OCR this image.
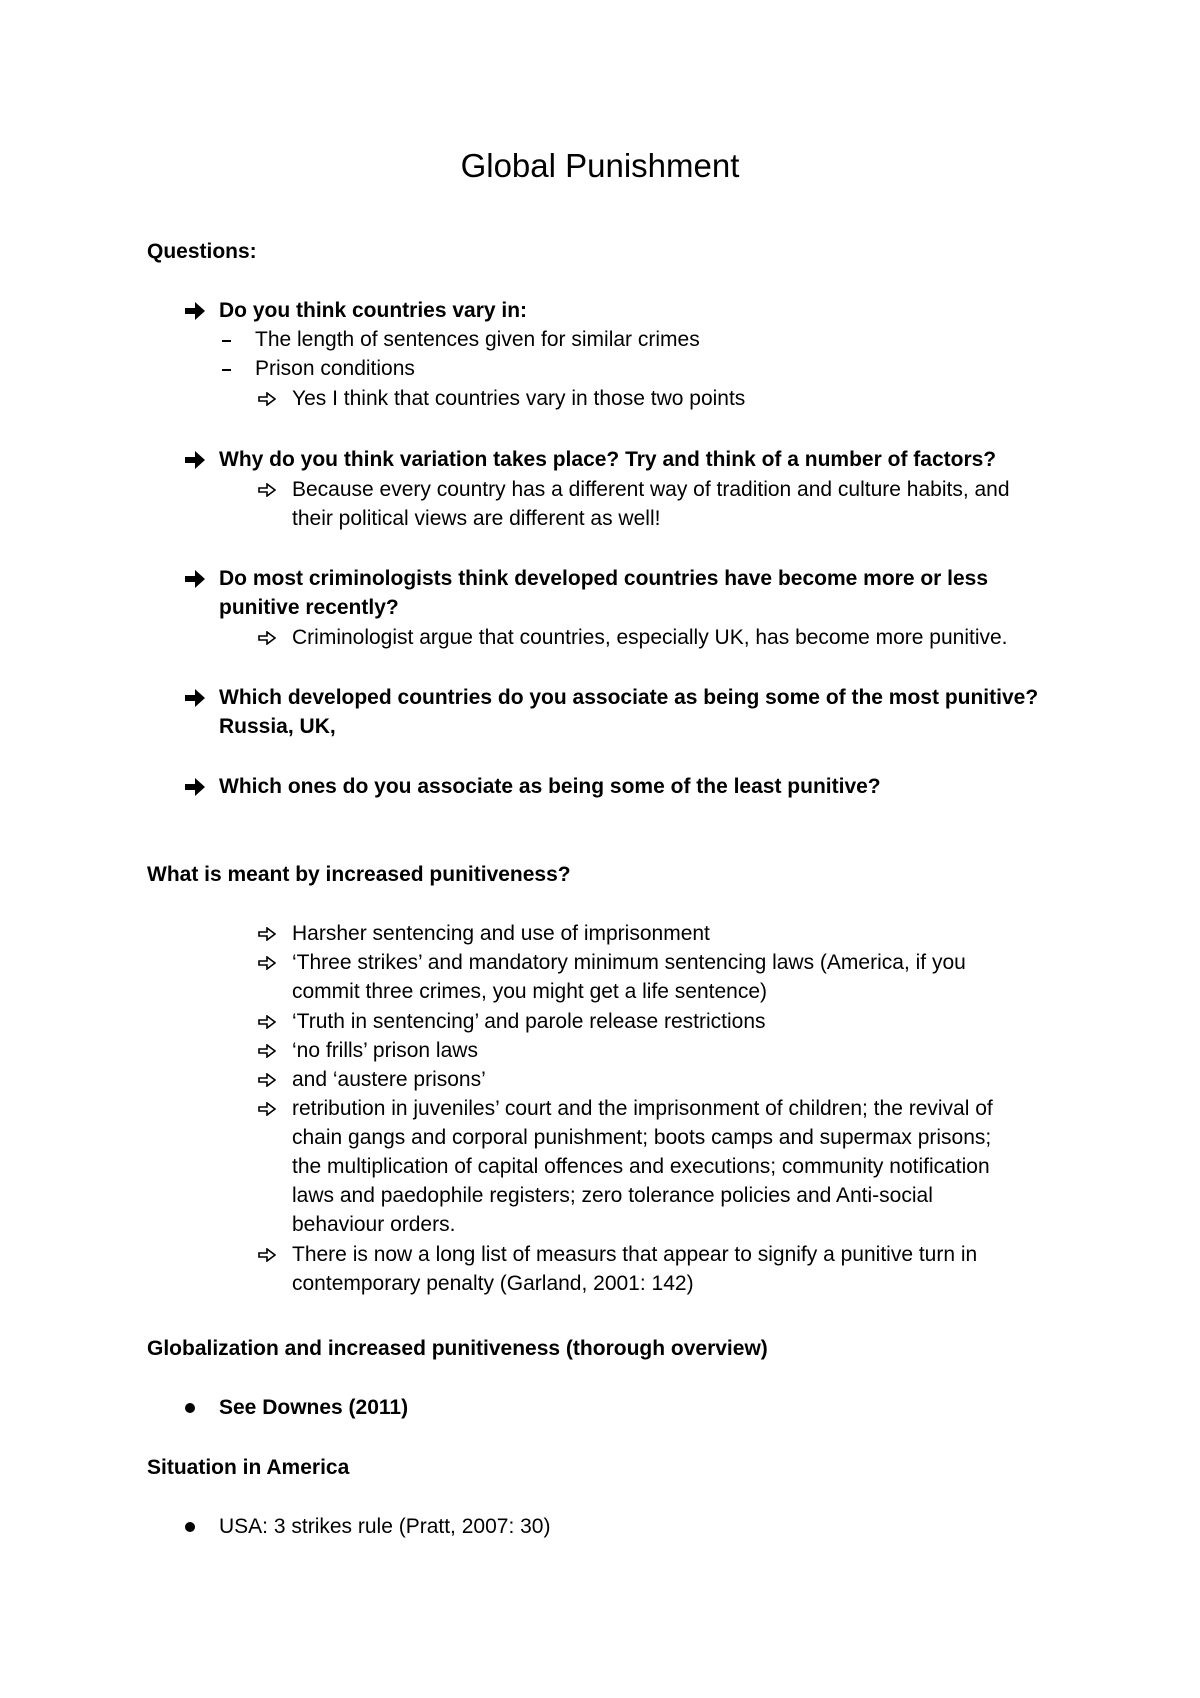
Global Punishment

Questions:

Do you think countries vary in:

The length of sentences given for similar crimes

Prison conditions

Yes I think that countries vary in those two points

Why do you think variation takes place? Try and think of a number of factors?

Because every country has a different way of tradition and culture habits, and

their political views are different as well!

Do most criminologists think developed countries have become more or less

punitive recently?

Criminologist argue that countries, especially UK, has become more punitive.

Which developed countries do you associate as being some of the most punitive?

Russia, UK,

Which ones do you associate as being some of the least punitive?

What is meant by increased punitiveness?

Harsher sentencing and use of imprisonment

‘Three strikes’ and mandatory minimum sentencing laws (America, if you

commit three crimes, you might get a life sentence)

‘Truth in sentencing’ and parole release restrictions

‘no frills’ prison laws

and ‘austere prisons’

retribution in juveniles’ court and the imprisonment of children; the revival of

chain gangs and corporal punishment; boots camps and supermax prisons;

the multiplication of capital offences and executions; community notification

laws and paedophile registers; zero tolerance policies and Anti-social

behaviour orders.

There is now a long list of measurs that appear to signify a punitive turn in

contemporary penalty (Garland, 2001: 142)

Globalization and increased punitiveness (thorough overview)

See Downes (2011)

Situation in America

USA: 3 strikes rule (Pratt, 2007: 30)
